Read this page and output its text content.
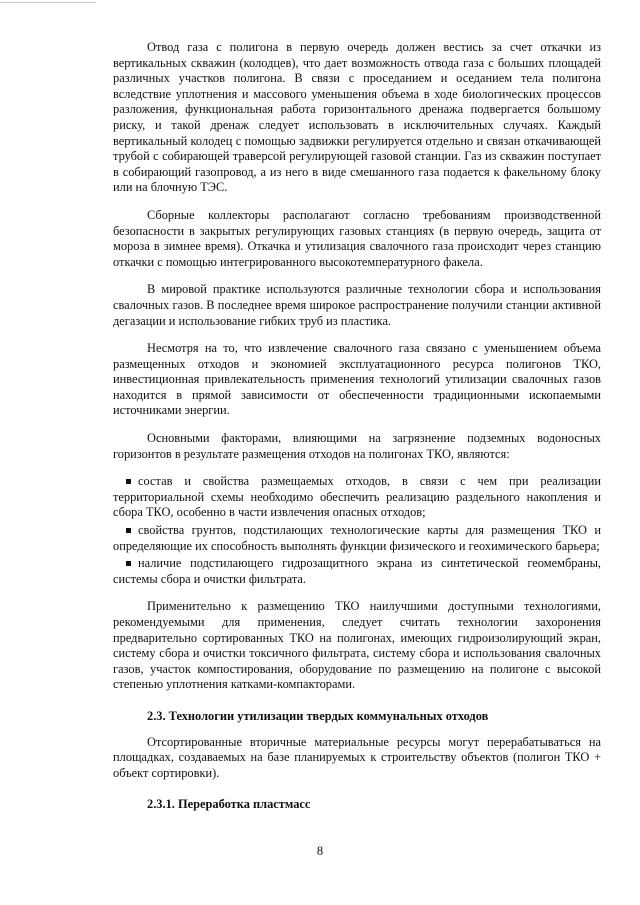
Отвод газа с полигона в первую очередь должен вестись за счет откачки из вертикальных скважин (колодцев), что дает возможность отвода газа с больших площадей различных участков полигона. В связи с проседанием и оседанием тела полигона вследствие уплотнения и массового уменьшения объема в ходе биологических процессов разложения, функциональная работа горизонтального дренажа подвергается большому риску, и такой дренаж следует использовать в исключительных случаях. Каждый вертикальный колодец с помощью задвижки регулируется отдельно и связан откачивающей трубой с собирающей траверсой регулирующей газовой станции. Газ из скважин поступает в собирающий газопровод, а из него в виде смешанного газа подается к факельному блоку или на блочную ТЭС.

Сборные коллекторы располагают согласно требованиям производственной безопасности в закрытых регулирующих газовых станциях (в первую очередь, защита от мороза в зимнее время). Откачка и утилизация свалочного газа происходит через станцию откачки с помощью интегрированного высокотемпературного факела.

В мировой практике используются различные технологии сбора и использования свалочных газов. В последнее время широкое распространение получили станции активной дегазации и использование гибких труб из пластика.

Несмотря на то, что извлечение свалочного газа связано с уменьшением объема размещенных отходов и экономией эксплуатационного ресурса полигонов ТКО, инвестиционная привлекательность применения технологий утилизации свалочных газов находится в прямой зависимости от обеспеченности традиционными ископаемыми источниками энергии.

Основными факторами, влияющими на загрязнение подземных водоносных горизонтов в результате размещения отходов на полигонах ТКО, являются:

состав и свойства размещаемых отходов, в связи с чем при реализации территориальной схемы необходимо обеспечить реализацию раздельного накопления и сбора ТКО, особенно в части извлечения опасных отходов;
свойства грунтов, подстилающих технологические карты для размещения ТКО и определяющие их способность выполнять функции физического и геохимического барьера;
наличие подстилающего гидрозащитного экрана из синтетической геомембраны, системы сбора и очистки фильтрата.

Применительно к размещению ТКО наилучшими доступными технологиями, рекомендуемыми для применения, следует считать технологии захоронения предварительно сортированных ТКО на полигонах, имеющих гидроизолирующий экран, систему сбора и очистки токсичного фильтрата, систему сбора и использования свалочных газов, участок компостирования, оборудование по размещению на полигоне с высокой степенью уплотнения катками-компакторами.

2.3. Технологии утилизации твердых коммунальных отходов

Отсортированные вторичные материальные ресурсы могут перерабатываться на площадках, создаваемых на базе планируемых к строительству объектов (полигон ТКО + объект сортировки).

2.3.1. Переработка пластмасс

8
